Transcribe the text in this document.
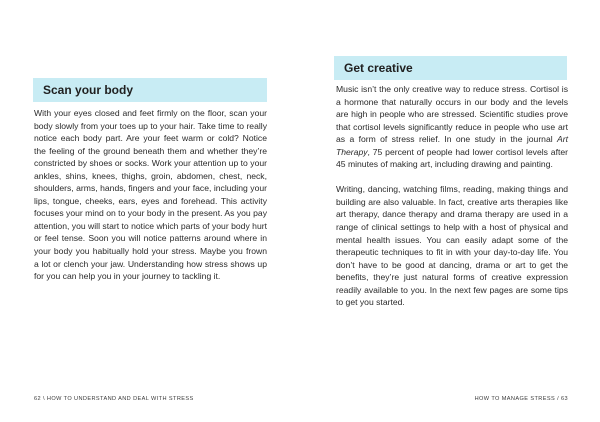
Scan your body

With your eyes closed and feet firmly on the floor, scan your body slowly from your toes up to your hair. Take time to really notice each body part. Are your feet warm or cold? Notice the feeling of the ground beneath them and whether they’re constricted by shoes or socks. Work your attention up to your ankles, shins, knees, thighs, groin, abdomen, chest, neck, shoulders, arms, hands, fingers and your face, including your lips, tongue, cheeks, ears, eyes and forehead. This activity focuses your mind on to your body in the present. As you pay attention, you will start to notice which parts of your body hurt or feel tense. Soon you will notice patterns around where in your body you habitually hold your stress. Maybe you frown a lot or clench your jaw. Understanding how stress shows up for you can help you in your journey to tackling it.

62 \ HOW TO UNDERSTAND AND DEAL WITH STRESS
Get creative

Music isn’t the only creative way to reduce stress. Cortisol is a hormone that naturally occurs in our body and the levels are high in people who are stressed. Scientific studies prove that cortisol levels significantly reduce in people who use art as a form of stress relief. In one study in the journal Art Therapy, 75 percent of people had lower cortisol levels after 45 minutes of making art, including drawing and painting.

Writing, dancing, watching films, reading, making things and building are also valuable. In fact, creative arts therapies like art therapy, dance therapy and drama therapy are used in a range of clinical settings to help with a host of physical and mental health issues. You can easily adapt some of the therapeutic techniques to fit in with your day-to-day life. You don’t have to be good at dancing, drama or art to get the benefits, they’re just natural forms of creative expression readily available to you. In the next few pages are some tips to get you started.

HOW TO MANAGE STRESS / 63
